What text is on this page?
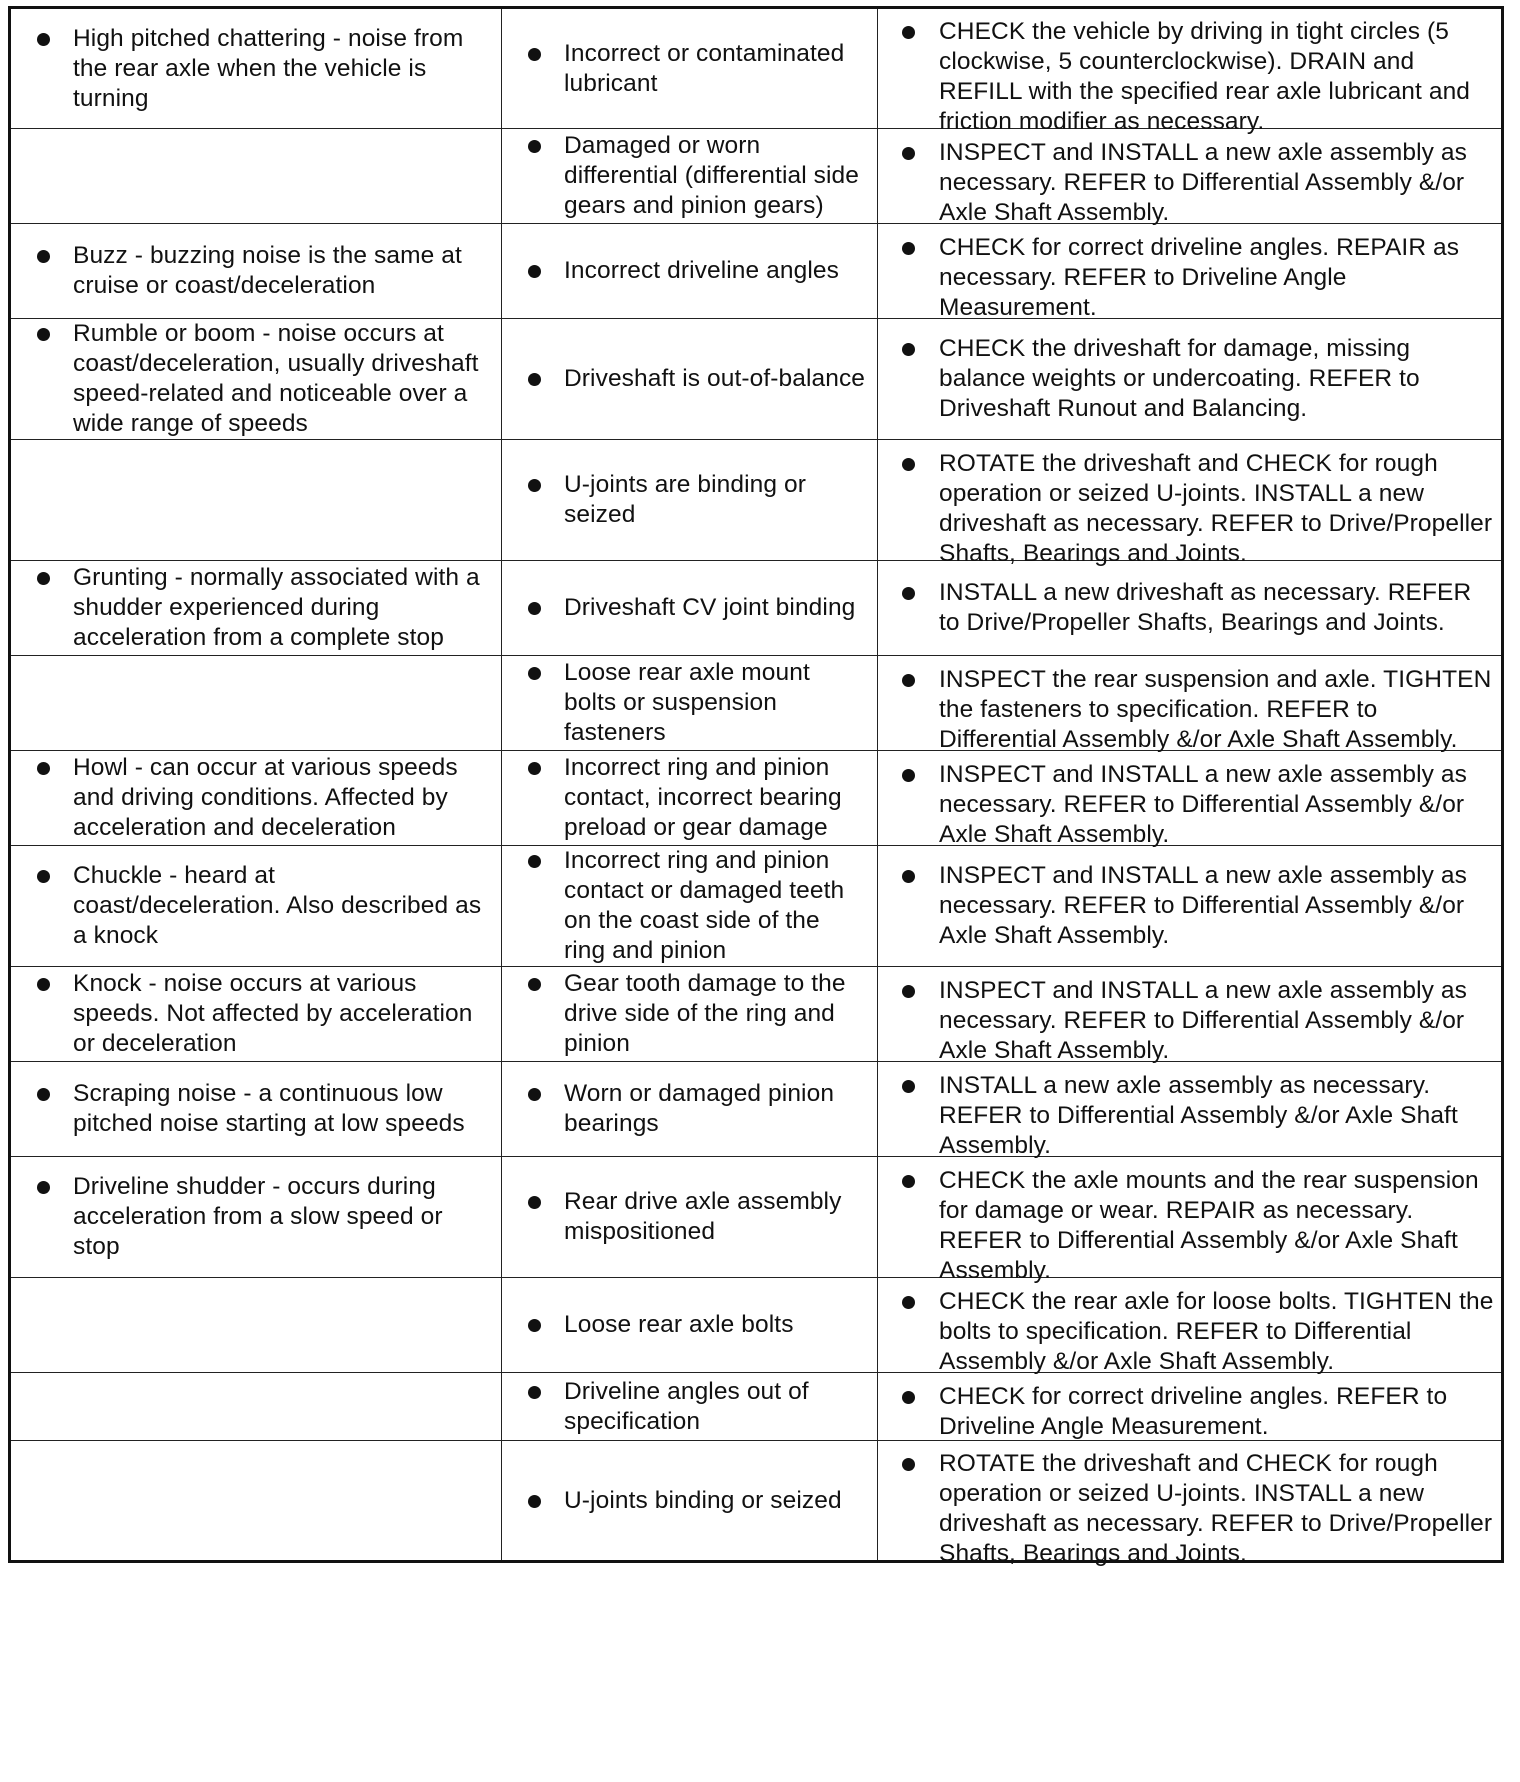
High pitched chattering - noise from the rear axle when the vehicle is turning	Incorrect or contaminated lubricant	CHECK the vehicle by driving in tight circles (5 clockwise, 5 counterclockwise). DRAIN and REFILL with the specified rear axle lubricant and friction modifier as necessary.

	Damaged or worn differential (differential side gears and pinion gears)	INSPECT and INSTALL a new axle assembly as necessary. REFER to Differential Assembly &/or Axle Shaft Assembly.

Buzz - buzzing noise is the same at cruise or coast/deceleration	Incorrect driveline angles	CHECK for correct driveline angles. REPAIR as necessary. REFER to Driveline Angle Measurement.

Rumble or boom - noise occurs at coast/deceleration, usually driveshaft speed-related and noticeable over a wide range of speeds	Driveshaft is out-of-balance	CHECK the driveshaft for damage, missing balance weights or undercoating. REFER to Driveshaft Runout and Balancing.

	U-joints are binding or seized	ROTATE the driveshaft and CHECK for rough operation or seized U-joints. INSTALL a new driveshaft as necessary. REFER to Drive/Propeller Shafts, Bearings and Joints.

Grunting - normally associated with a shudder experienced during acceleration from a complete stop	Driveshaft CV joint binding	INSTALL a new driveshaft as necessary. REFER to Drive/Propeller Shafts, Bearings and Joints.

	Loose rear axle mount bolts or suspension fasteners	INSPECT the rear suspension and axle. TIGHTEN the fasteners to specification. REFER to Differential Assembly &/or Axle Shaft Assembly.

Howl - can occur at various speeds and driving conditions. Affected by acceleration and deceleration	Incorrect ring and pinion contact, incorrect bearing preload or gear damage	INSPECT and INSTALL a new axle assembly as necessary. REFER to Differential Assembly &/or Axle Shaft Assembly.

Chuckle - heard at coast/deceleration. Also described as a knock	Incorrect ring and pinion contact or damaged teeth on the coast side of the ring and pinion	INSPECT and INSTALL a new axle assembly as necessary. REFER to Differential Assembly &/or Axle Shaft Assembly.

Knock - noise occurs at various speeds. Not affected by acceleration or deceleration	Gear tooth damage to the drive side of the ring and pinion	INSPECT and INSTALL a new axle assembly as necessary. REFER to Differential Assembly &/or Axle Shaft Assembly.

Scraping noise - a continuous low pitched noise starting at low speeds	Worn or damaged pinion bearings	INSTALL a new axle assembly as necessary. REFER to Differential Assembly &/or Axle Shaft Assembly.

Driveline shudder - occurs during acceleration from a slow speed or stop	Rear drive axle assembly mispositioned	CHECK the axle mounts and the rear suspension for damage or wear. REPAIR as necessary. REFER to Differential Assembly &/or Axle Shaft Assembly.

	Loose rear axle bolts	CHECK the rear axle for loose bolts. TIGHTEN the bolts to specification. REFER to Differential Assembly &/or Axle Shaft Assembly.

	Driveline angles out of specification	CHECK for correct driveline angles. REFER to Driveline Angle Measurement.

	U-joints binding or seized	ROTATE the driveshaft and CHECK for rough operation or seized U-joints. INSTALL a new driveshaft as necessary. REFER to Drive/Propeller Shafts, Bearings and Joints.
